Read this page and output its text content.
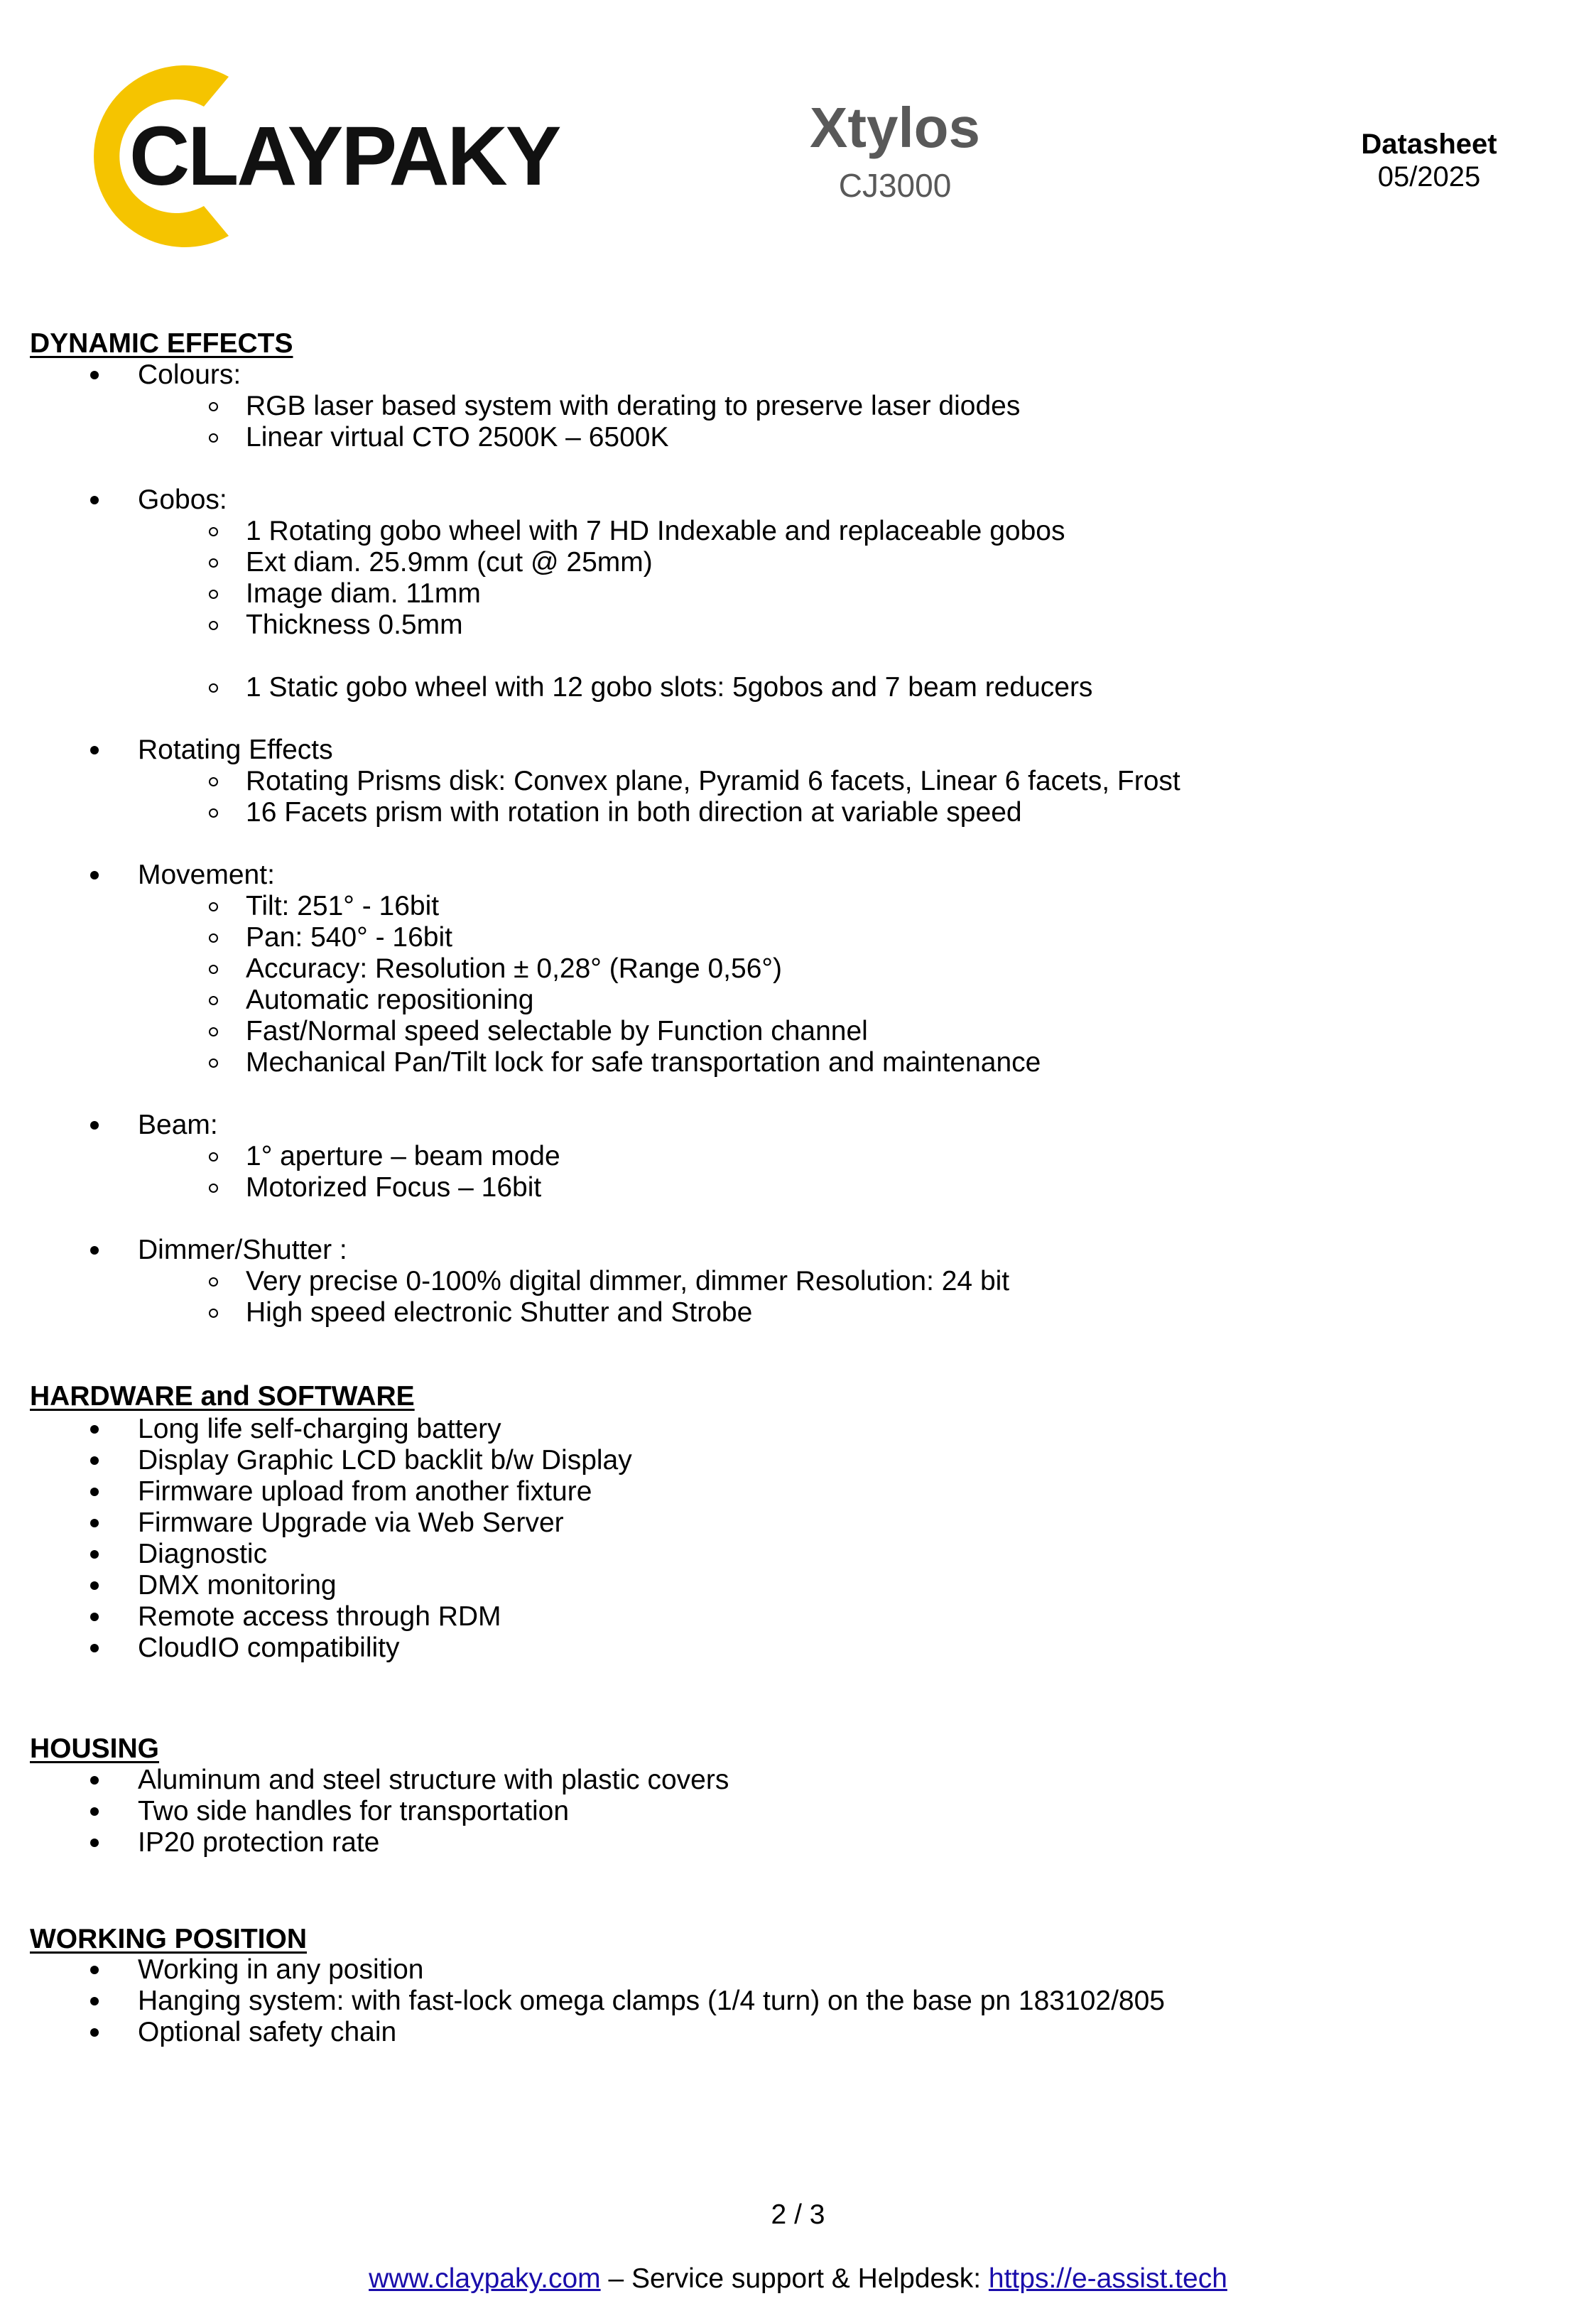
CLAYPAKY	Xtylos
CJ3000
Datasheet
05/2025
DYNAMIC EFFECTS
Colours:
RGB laser based system with derating to preserve laser diodes
Linear virtual CTO 2500K – 6500K
Gobos:
1 Rotating gobo wheel with 7 HD Indexable and replaceable gobos
Ext diam. 25.9mm (cut @ 25mm)
Image diam. 11mm
Thickness 0.5mm
1 Static gobo wheel with 12 gobo slots: 5gobos and 7 beam reducers
Rotating Effects
Rotating Prisms disk: Convex plane, Pyramid 6 facets, Linear 6 facets, Frost
16 Facets prism with rotation in both direction at variable speed
Movement:
Tilt: 251° - 16bit
Pan: 540° - 16bit
Accuracy: Resolution ± 0,28° (Range 0,56°)
Automatic repositioning
Fast/Normal speed selectable by Function channel
Mechanical Pan/Tilt lock for safe transportation and maintenance
Beam:
1° aperture – beam mode
Motorized Focus – 16bit
Dimmer/Shutter :
Very precise 0-100% digital dimmer, dimmer Resolution: 24 bit
High speed electronic Shutter and Strobe
HARDWARE and SOFTWARE
Long life self-charging battery
Display Graphic LCD backlit b/w Display
Firmware upload from another fixture
Firmware Upgrade via Web Server
Diagnostic
DMX monitoring
Remote access through RDM
CloudIO compatibility
HOUSING
Aluminum and steel structure with plastic covers
Two side handles for transportation
IP20 protection rate
WORKING POSITION
Working in any position
Hanging system: with fast-lock omega clamps (1/4 turn) on the base pn 183102/805
Optional safety chain
2 / 3
www.claypaky.com – Service support & Helpdesk: https://e-assist.tech
